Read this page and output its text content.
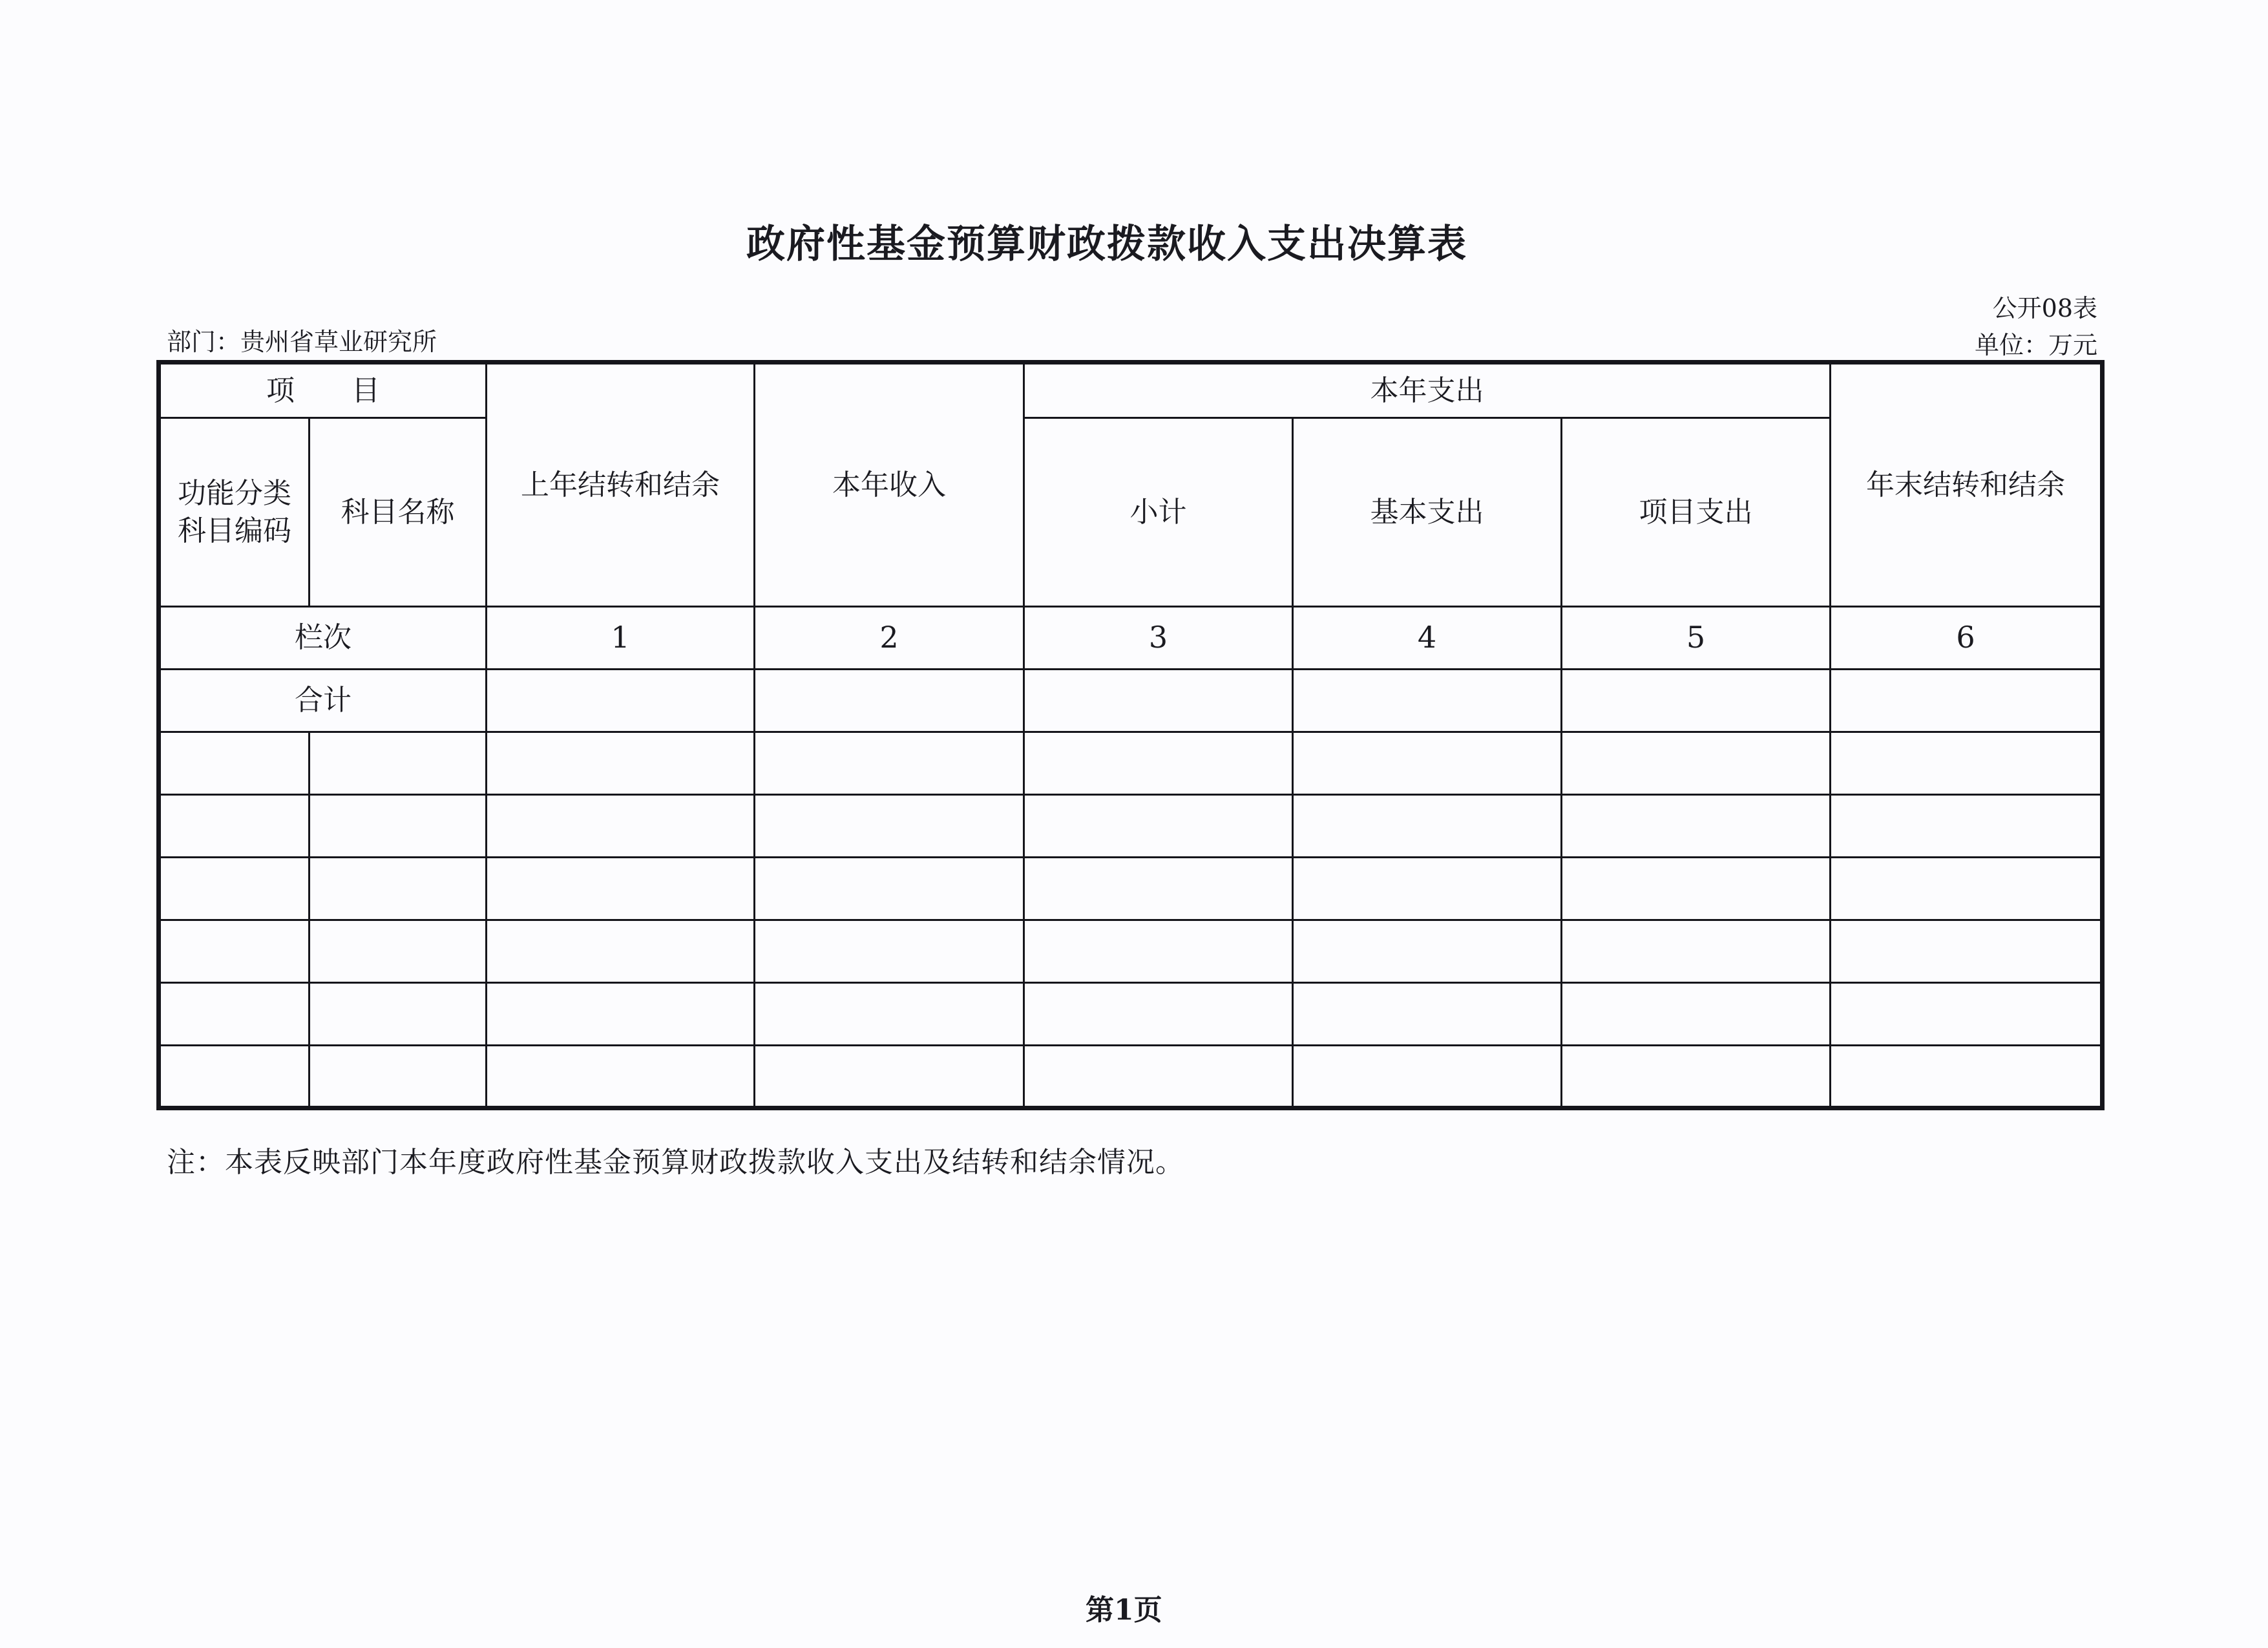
政府性基金预算财政拨款收入支出决算表
公开08表
部门：贵州省草业研究所	单位：万元
项　　目		上年结转和结余	本年收入	本年支出			年末结转和结余
功能分类科目编码	科目名称			小计	基本支出	项目支出	
栏次		1	2	3	4	5	6
合计							

注：本表反映部门本年度政府性基金预算财政拨款收入支出及结转和结余情况。
第1页
